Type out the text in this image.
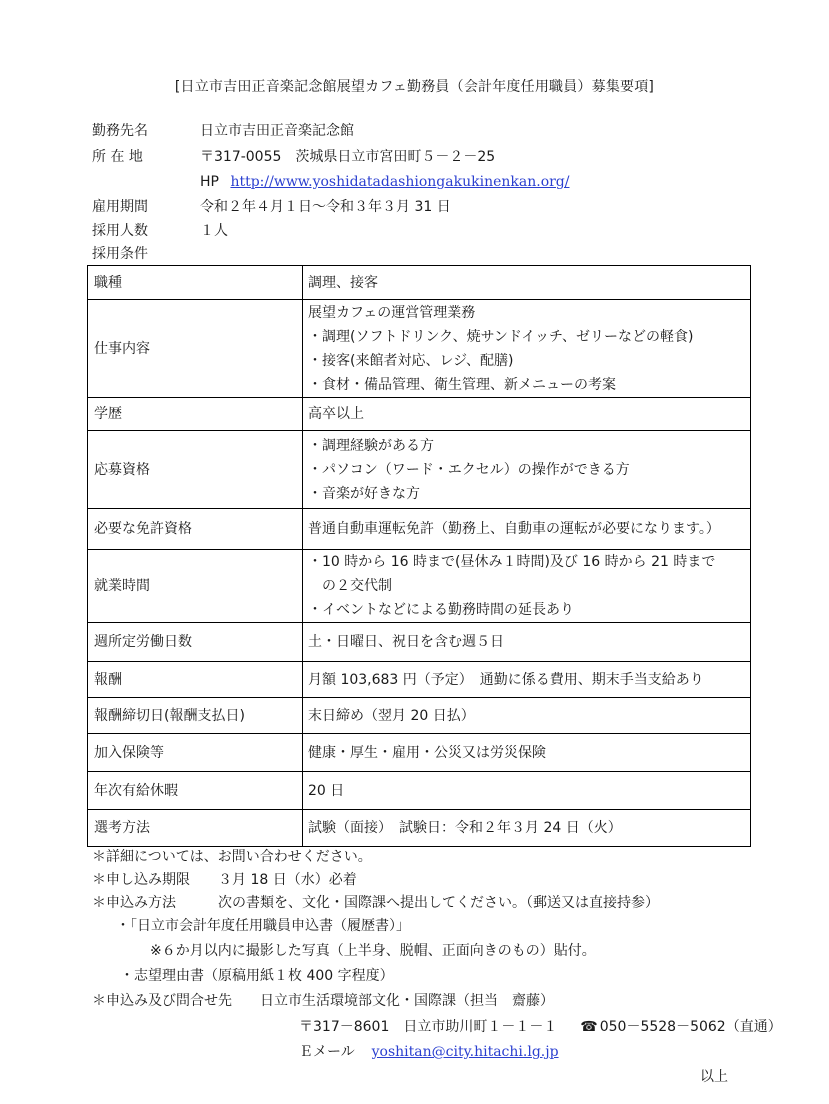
[日立市吉田正音楽記念館展望カフェ勤務員（会計年度任用職員）募集要項]
勤務先名	日立市吉田正音楽記念館
所 在 地	〒317-0055　茨城県日立市宮田町５－２－25
HP http://www.yoshidatadashiongakukinenkan.org/
雇用期間	令和２年４月１日～令和３年３月 31 日
採用人数	１人
採用条件
職種	調理、接客

仕事内容	展望カフェの運営管理業務
・調理(ソフトドリンク、焼サンドイッチ、ゼリーなどの軽食)
・接客(来館者対応、レジ、配膳)
・食材・備品管理、衛生管理、新メニューの考案

学歴	高卒以上

応募資格	・調理経験がある方
・パソコン（ワード・エクセル）の操作ができる方
・音楽が好きな方

必要な免許資格	普通自動車運転免許（勤務上、自動車の運転が必要になります。）

就業時間	・10 時から 16 時まで(昼休み１時間)及び 16 時から 21 時まで
　の２交代制
・イベントなどによる勤務時間の延長あり

週所定労働日数	土・日曜日、祝日を含む週５日

報酬	月額 103,683 円（予定）　通勤に係る費用、期末手当支給あり

報酬締切日(報酬支払日)	末日締め（翌月 20 日払）

加入保険等	健康・厚生・雇用・公災又は労災保険

年次有給休暇	20 日

選考方法	試験（面接）　試験日：令和２年３月 24 日（火）
＊詳細については、お問い合わせください。
＊申し込み期限　　３月 18 日（水）必着
＊申込み方法　　　次の書類を、文化・国際課へ提出してください。（郵送又は直接持参）
・「日立市会計年度任用職員申込書（履歴書）」
※６か月以内に撮影した写真（上半身、脱帽、正面向きのもの）貼付。
・志望理由書（原稿用紙１枚 400 字程度）
＊申込み及び問合せ先　　日立市生活環境部文化・国際課（担当　齋藤）
〒317－8601　日立市助川町１－１－１ ☎ 050－5528－5062（直通）
Ｅメール yoshitan@city.hitachi.lg.jp
以上
